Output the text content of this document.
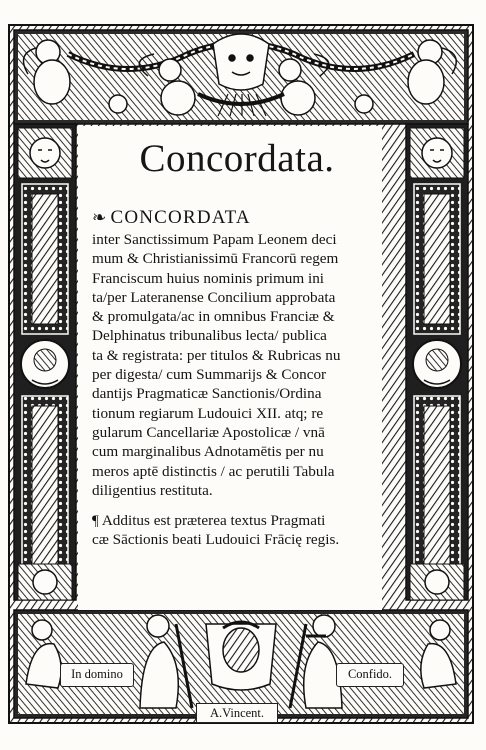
Concordata.
❧ CONCORDATA
inter Sanctissimum Papam Leonem deci
mum & Christianissimū Francorū regem
Franciscum huius nominis primum ini
ta/per Lateranense Concilium approbata
& promulgata/ac in omnibus Franciæ &
Delphinatus tribunalibus lecta/ publica
ta & registrata: per titulos & Rubricas nu
per digesta/ cum Summarijs & Concor
dantijs Pragmaticæ Sanctionis/Ordina
tionum regiarum Ludouici XII. atq; re
gularum Cancellariæ Apostolicæ / vnā
cum marginalibus Adnotamētis per nu
meros aptē distinctis / ac perutili Tabula
diligentius restituta.
¶ Additus est præterea textus Pragmati
cæ Sāctionis beati Ludouici Frācię regis.
In domino	Confido.
A.Vincent.
